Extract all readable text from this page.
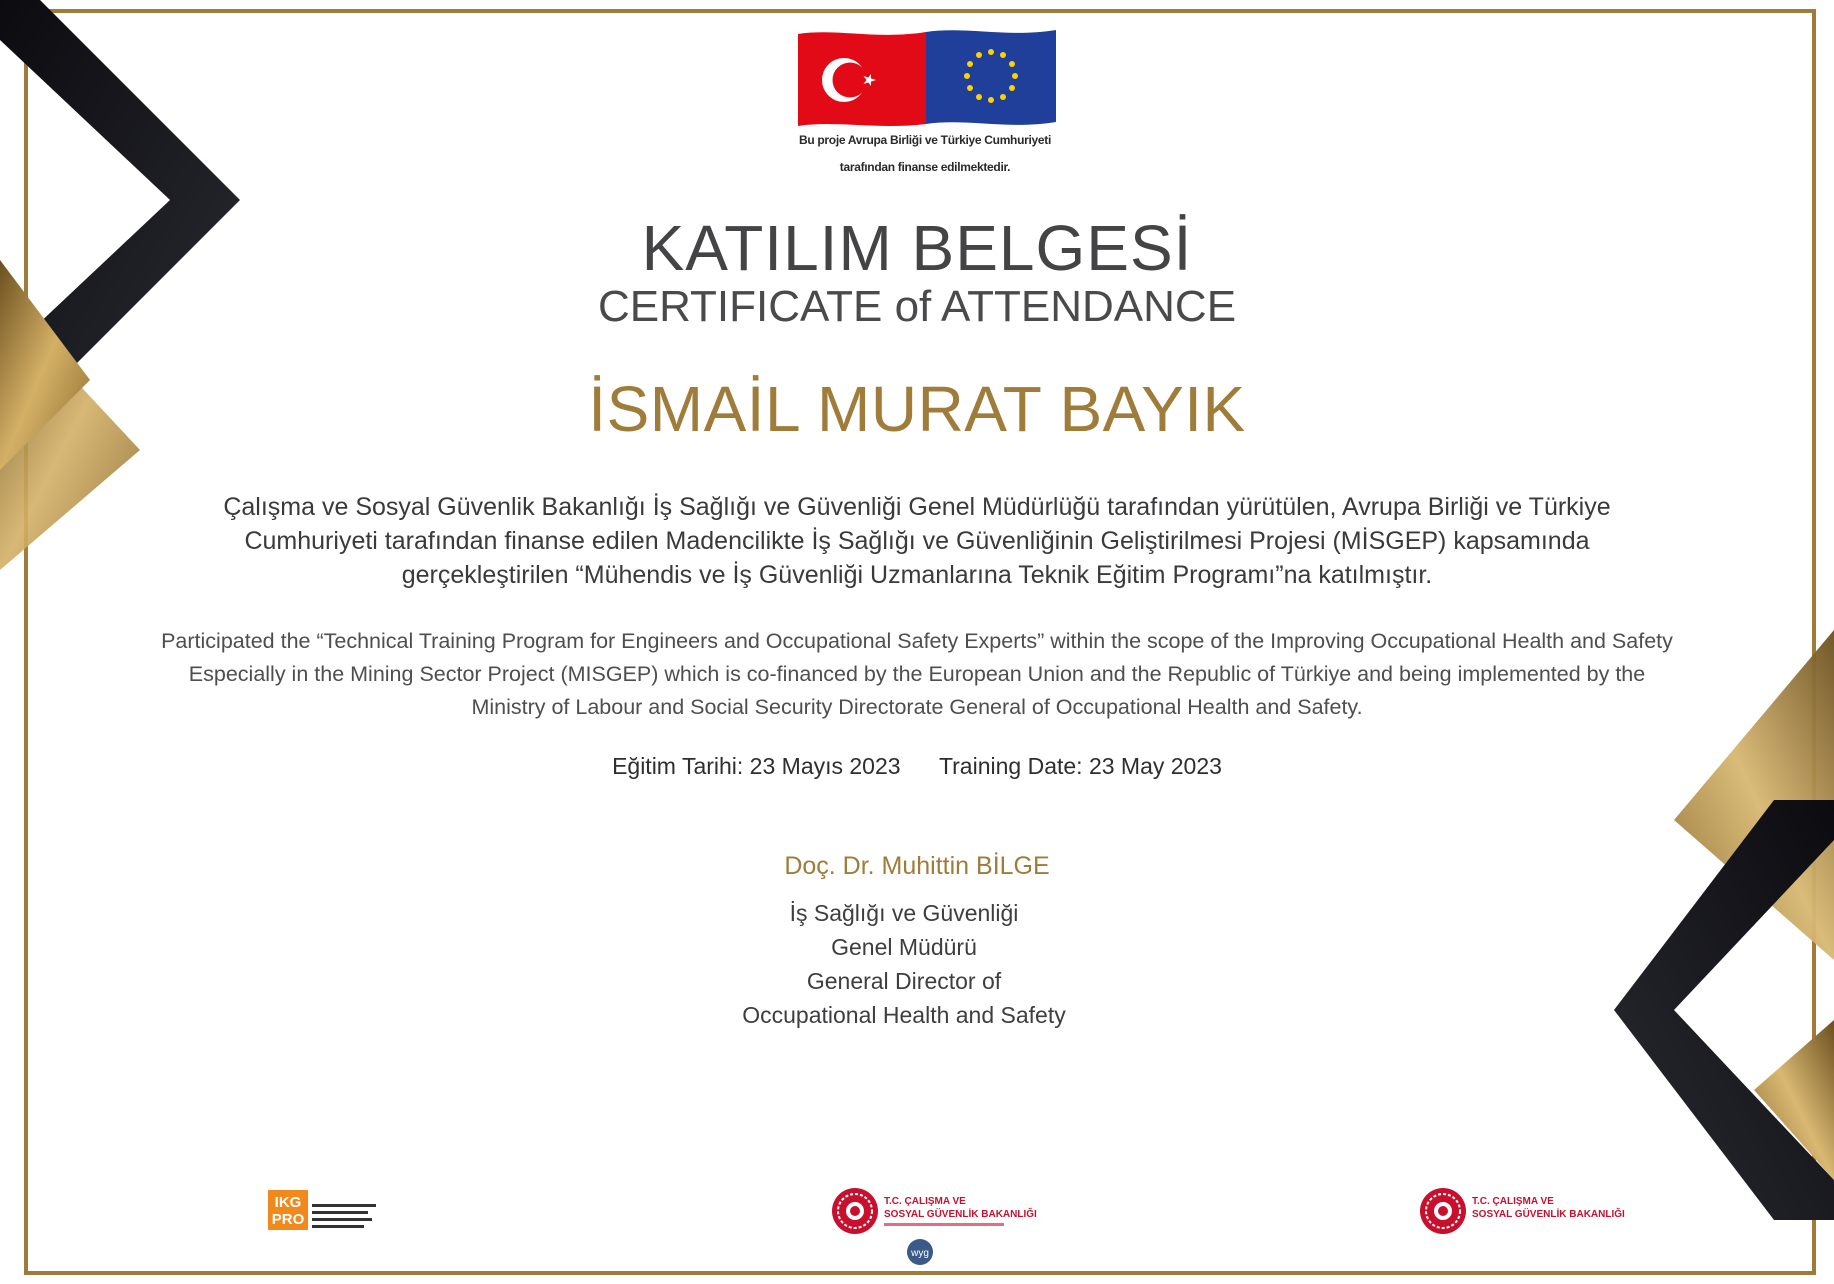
Bu proje Avrupa Birliği ve Türkiye Cumhuriyeti
tarafından finanse edilmektedir.
KATILIM BELGESİ
CERTIFICATE of ATTENDANCE
İSMAİL MURAT BAYIK
Çalışma ve Sosyal Güvenlik Bakanlığı İş Sağlığı ve Güvenliği Genel Müdürlüğü tarafından yürütülen, Avrupa Birliği ve Türkiye Cumhuriyeti tarafından finanse edilen Madencilikte İş Sağlığı ve Güvenliğinin Geliştirilmesi Projesi (MİSGEP) kapsamında gerçekleştirilen “Mühendis ve İş Güvenliği Uzmanlarına Teknik Eğitim Programı”na katılmıştır.
Participated the “Technical Training Program for Engineers and Occupational Safety Experts” within the scope of the Improving Occupational Health and Safety Especially in the Mining Sector Project (MISGEP) which is co-financed by the European Union and the Republic of Türkiye and being implemented by the Ministry of Labour and Social Security Directorate General of Occupational Health and Safety.
Eğitim Tarihi: 23 Mayıs 2023 Training Date: 23 May 2023
Doç. Dr. Muhittin BİLGE
İş Sağlığı ve Güvenliği
Genel Müdürü
General Director of
Occupational Health and Safety
IKG
PRO
T.C. ÇALIŞMA VE
SOSYAL GÜVENLİK BAKANLIĞI
wyg
T.C. ÇALIŞMA VE
SOSYAL GÜVENLİK BAKANLIĞI
